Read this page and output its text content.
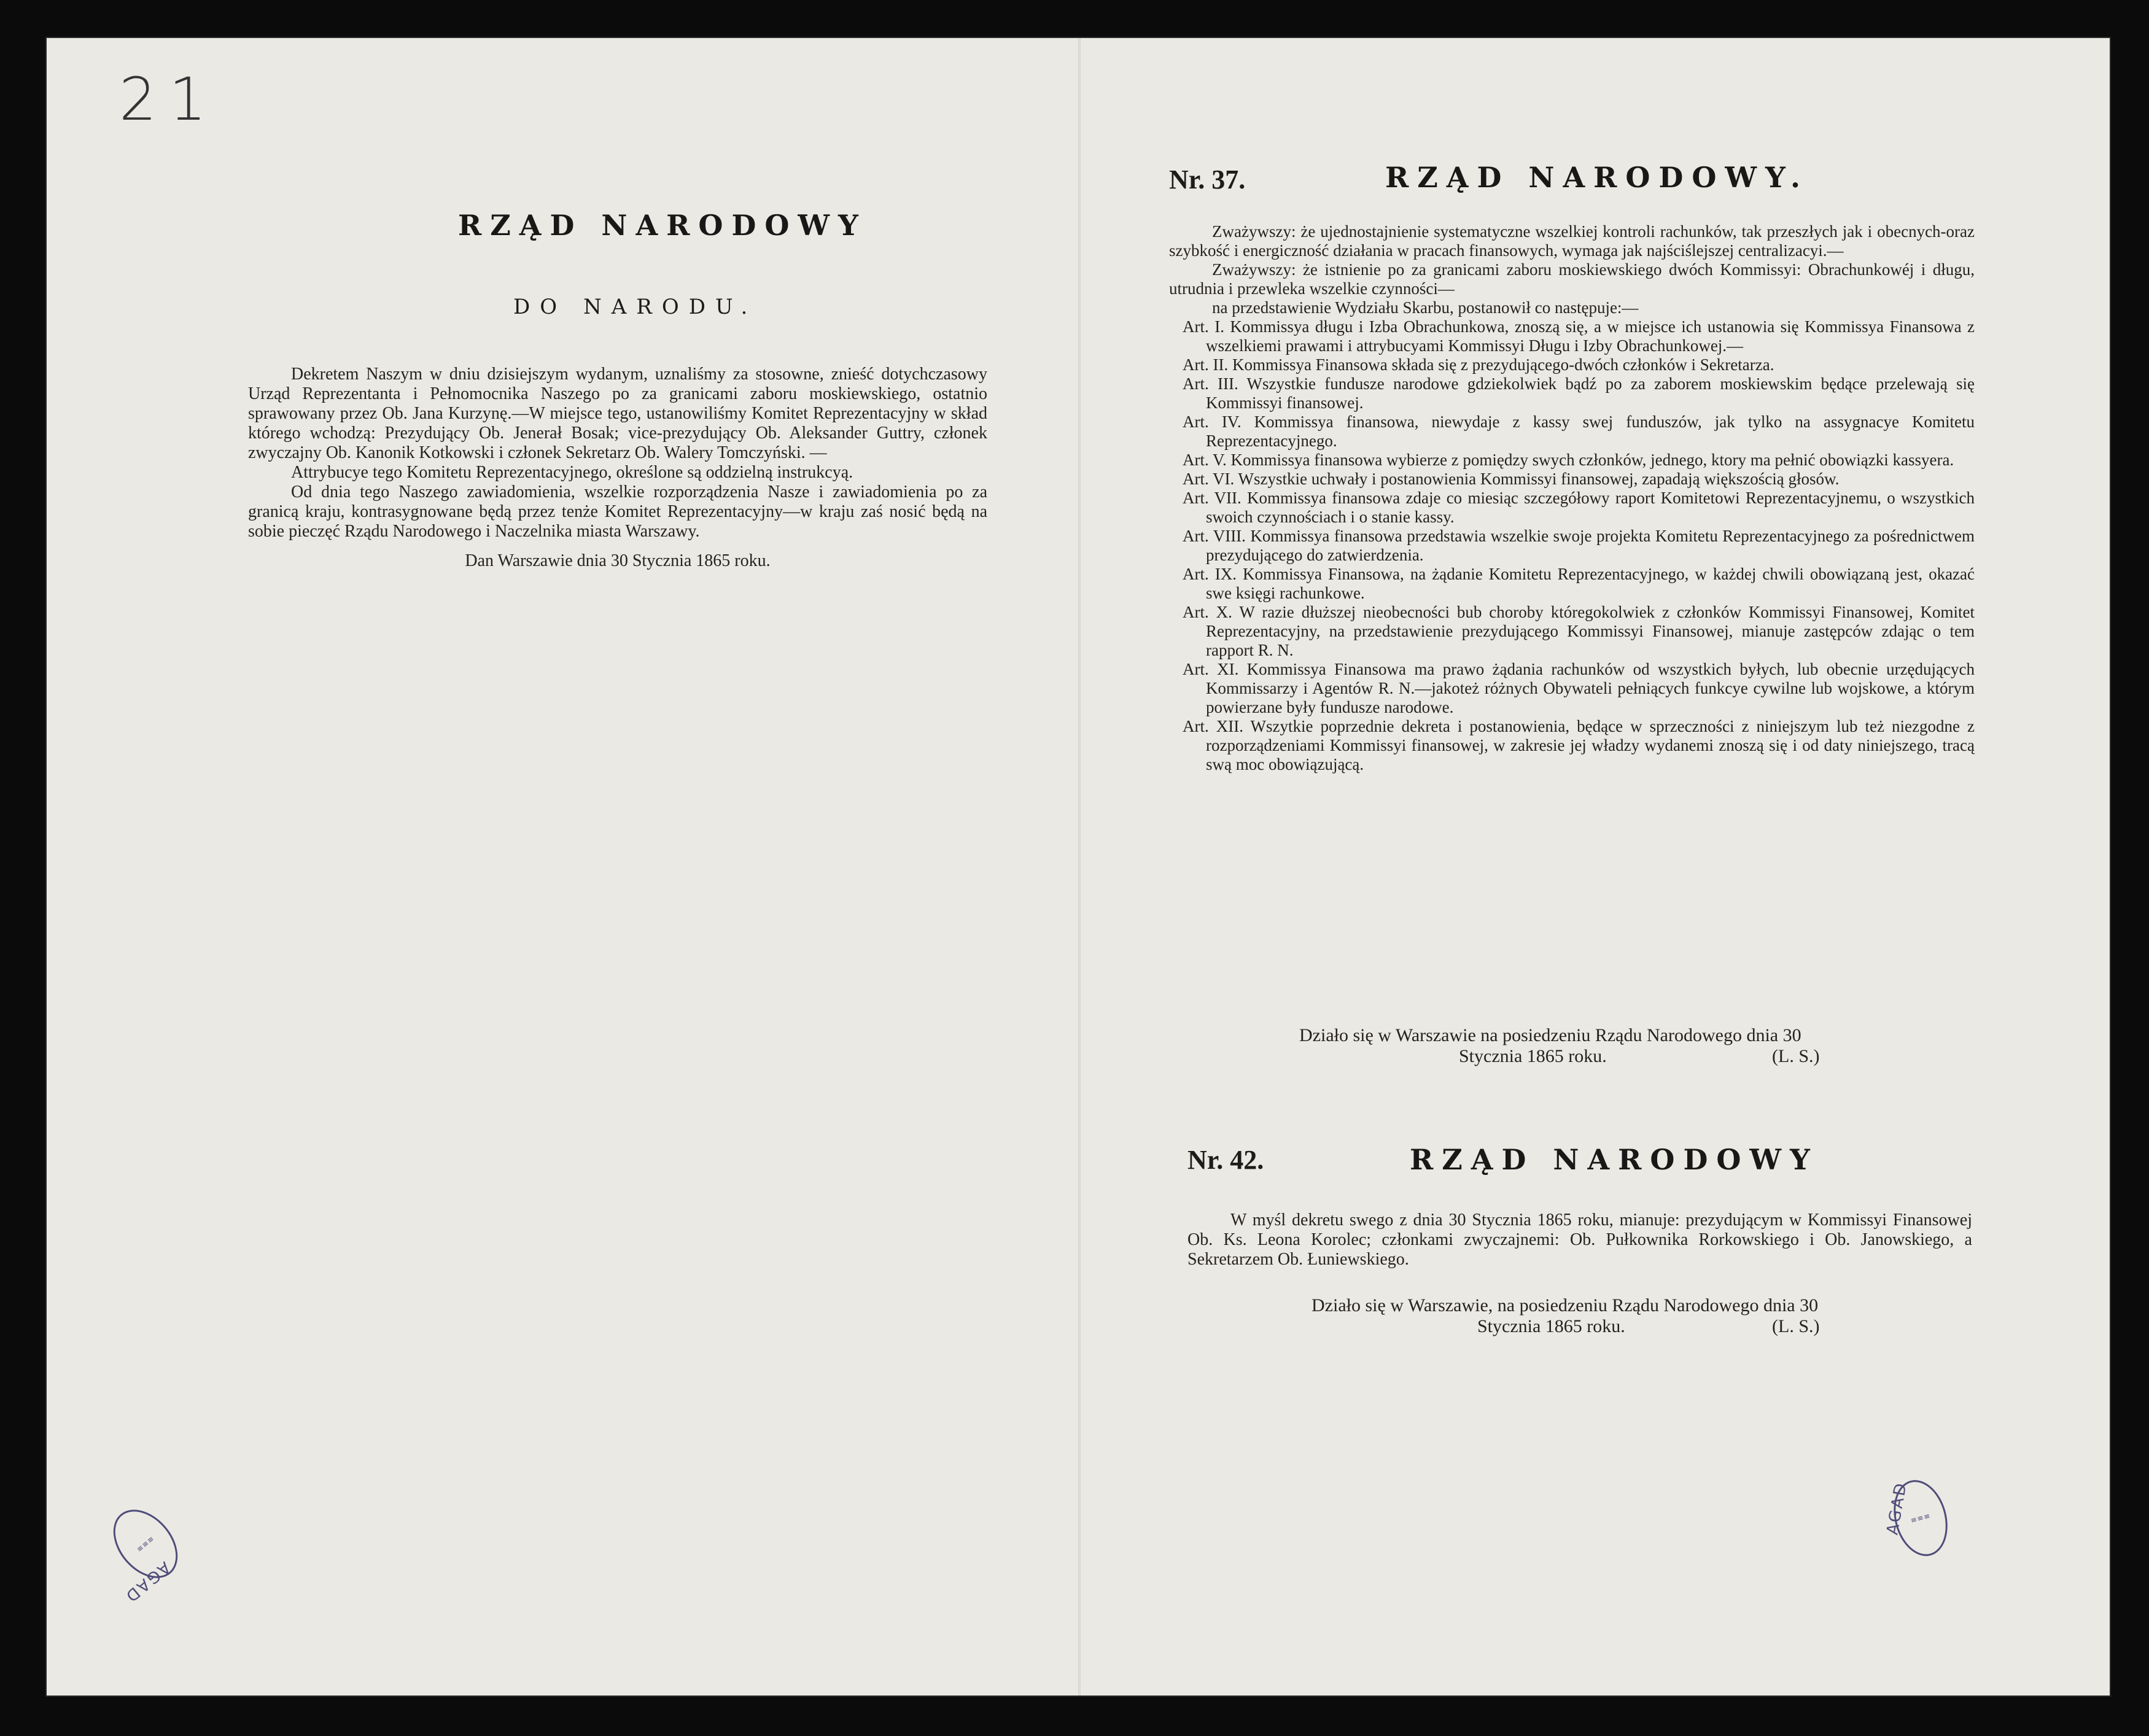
21
RZĄD NARODOWY
DO NARODU.

Dekretem Naszym w dniu dzisiejszym wydanym, uznaliśmy za stosowne, znieść dotychczasowy Urząd Reprezentanta i Pełnomocnika Naszego po za granicami zaboru moskiewskiego, ostatnio sprawowany przez Ob. Jana Kurzynę.—W miejsce tego, ustanowiliśmy Komitet Reprezentacyjny w skład którego wchodzą: Prezydujący Ob. Jenerał Bosak; vice-prezydujący Ob. Aleksander Guttry, członek zwyczajny Ob. Kanonik Kotkowski i członek Sekretarz Ob. Walery Tomczyński. —

Attrybucye tego Komitetu Reprezentacyjnego, określone są oddzielną instrukcyą.

Od dnia tego Naszego zawiadomienia, wszelkie rozporządzenia Nasze i zawiadomienia po za granicą kraju, kontrasygnowane będą przez tenże Komitet Reprezentacyjny—w kraju zaś nosić będą na sobie pieczęć Rządu Narodowego i Naczelnika miasta Warszawy.

Dan Warszawie dnia 30 Stycznia 1865 roku.

Nr. 37.	RZĄD NARODOWY.

Zważywszy: że ujednostajnienie systematyczne wszelkiej kontroli rachunków, tak przeszłych jak i obecnych-oraz szybkość i energiczność działania w pracach finansowych, wymaga jak najściślejszej centralizacyi.—

Zważywszy: że istnienie po za granicami zaboru moskiewskiego dwóch Kommissyi: Obrachunkowéj i długu, utrudnia i przewleka wszelkie czynności—

na przedstawienie Wydziału Skarbu, postanowił co następuje:—

Art. I. Kommissya długu i Izba Obrachunkowa, znoszą się, a w miejsce ich ustanowia się Kommissya Finansowa z wszelkiemi prawami i attrybucyami Kommissyi Długu i Izby Obrachunkowej.—

Art. II. Kommissya Finansowa składa się z prezydującego-dwóch członków i Sekretarza.

Art. III. Wszystkie fundusze narodowe gdziekolwiek bądź po za zaborem moskiewskim będące przelewają się Kommissyi finansowej.

Art. IV. Kommissya finansowa, niewydaje z kassy swej funduszów, jak tylko na assygnacye Komitetu Reprezentacyjnego.

Art. V. Kommissya finansowa wybierze z pomiędzy swych członków, jednego, ktory ma pełnić obowiązki kassyera.

Art. VI. Wszystkie uchwały i postanowienia Kommissyi finansowej, zapadają większością głosów.

Art. VII. Kommissya finansowa zdaje co miesiąc szczegółowy raport Komitetowi Reprezentacyjnemu, o wszystkich swoich czynnościach i o stanie kassy.

Art. VIII. Kommissya finansowa przedstawia wszelkie swoje projekta Komitetu Reprezentacyjnego za pośrednictwem prezydującego do zatwierdzenia.

Art. IX. Kommissya Finansowa, na żądanie Komitetu Reprezentacyjnego, w każdej chwili obowiązaną jest, okazać swe księgi rachunkowe.

Art. X. W razie dłuższej nieobecności bub choroby któregokolwiek z członków Kommissyi Finansowej, Komitet Reprezentacyjny, na przedstawienie prezydującego Kommissyi Finansowej, mianuje zastępców zdając o tem rapport R. N.

Art. XI. Kommissya Finansowa ma prawo żądania rachunków od wszystkich byłych, lub obecnie urzędujących Kommissarzy i Agentów R. N.—jakoteż różnych Obywateli pełniących funkcye cywilne lub wojskowe, a którym powierzane były fundusze narodowe.

Art. XII. Wszytkie poprzednie dekreta i postanowienia, będące w sprzeczności z niniejszym lub też niezgodne z rozporządzeniami Kommissyi finansowej, w zakresie jej władzy wydanemi znoszą się i od daty niniejszego, tracą swą moc obowiązującą.

Działo się w Warszawie na posiedzeniu Rządu Narodowego dnia 30
Stycznia 1865 roku.	(L. S.)
Nr. 42.	RZĄD NARODOWY

W myśl dekretu swego z dnia 30 Stycznia 1865 roku, mianuje: prezydującym w Kommissyi Finansowej Ob. Ks. Leona Korolec; członkami zwyczajnemi: Ob. Pułkownika Rorkowskiego i Ob. Janowskiego, a Sekretarzem Ob. Łuniewskiego.

Działo się w Warszawie, na posiedzeniu Rządu Narodowego dnia 30
Stycznia 1865 roku.	(L. S.)
≡≡≡
AGAD
≡≡≡
AGAD
